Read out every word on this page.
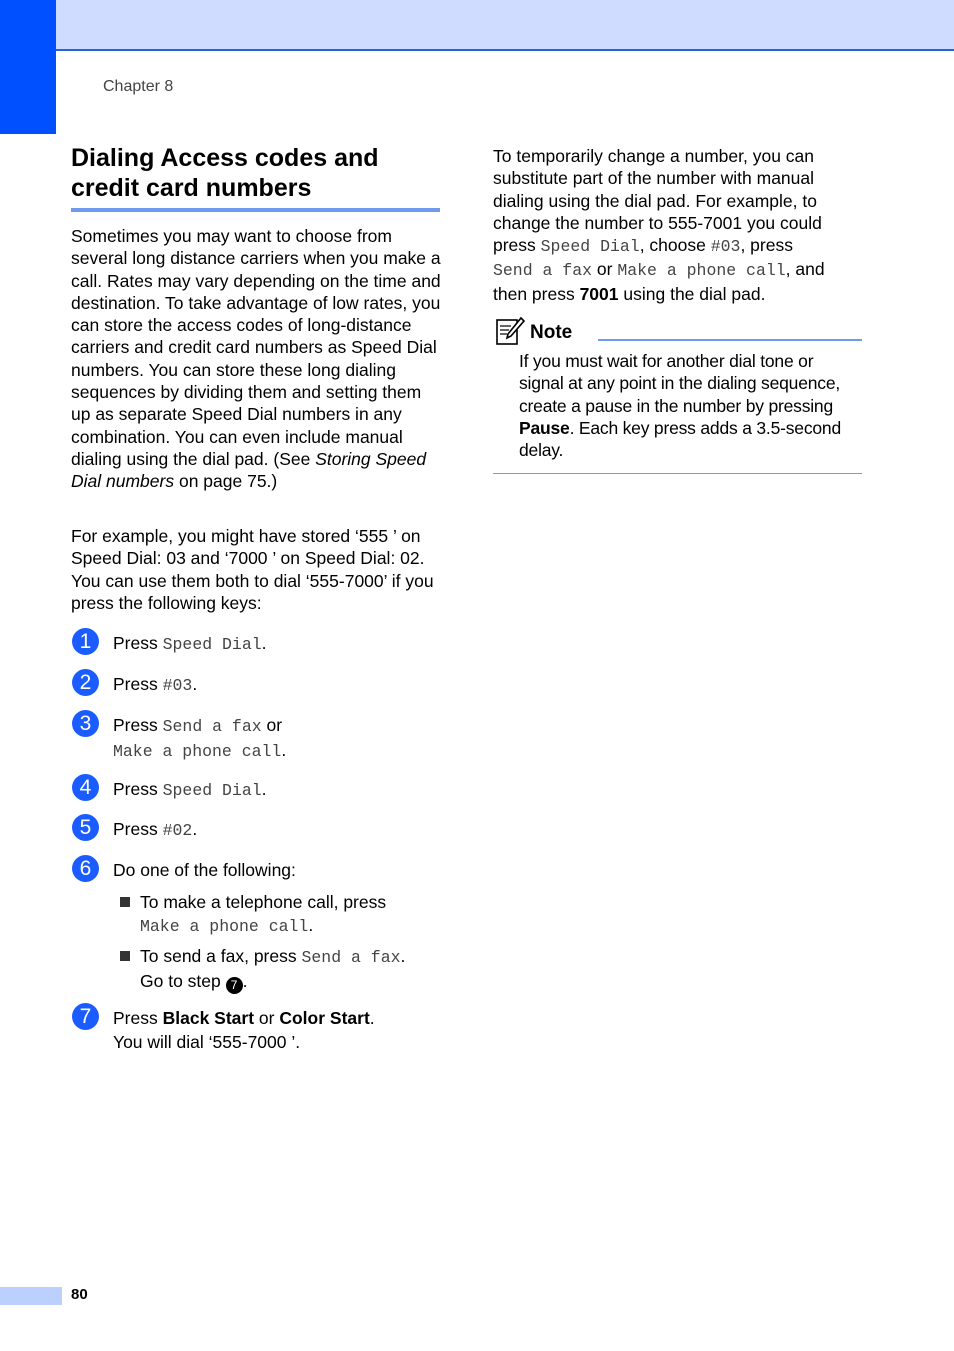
Chapter 8
Dialing Access codes and credit card numbers

Sometimes you may want to choose from several long distance carriers when you make a call. Rates may vary depending on the time and destination. To take advantage of low rates, you can store the access codes of long-distance carriers and credit card numbers as Speed Dial numbers. You can store these long dialing sequences by dividing them and setting them up as separate Speed Dial numbers in any combination. You can even include manual dialing using the dial pad. (See Storing Speed Dial numbers on page 75.)

For example, you might have stored ‘555 ’ on Speed Dial: 03 and ‘7000 ’ on Speed Dial: 02. You can use them both to dial ‘555-7000’ if you press the following keys:

1	Press Speed Dial.
2	Press #03.
3	Press Send a fax or
Make a phone call.
4	Press Speed Dial.
5	Press #02.
6	Do one of the following:
To make a telephone call, press
Make a phone call.
To send a fax, press Send a fax.
Go to step 7 .
7	Press Black Start or Color Start.
You will dial ‘555-7000 ’.

To temporarily change a number, you can substitute part of the number with manual dialing using the dial pad. For example, to change the number to 555-7001 you could press Speed Dial, choose #03, press
Send a fax or Make a phone call, and then press 7001 using the dial pad.

Note

If you must wait for another dial tone or signal at any point in the dialing sequence, create a pause in the number by pressing Pause. Each key press adds a 3.5-second delay.

80
